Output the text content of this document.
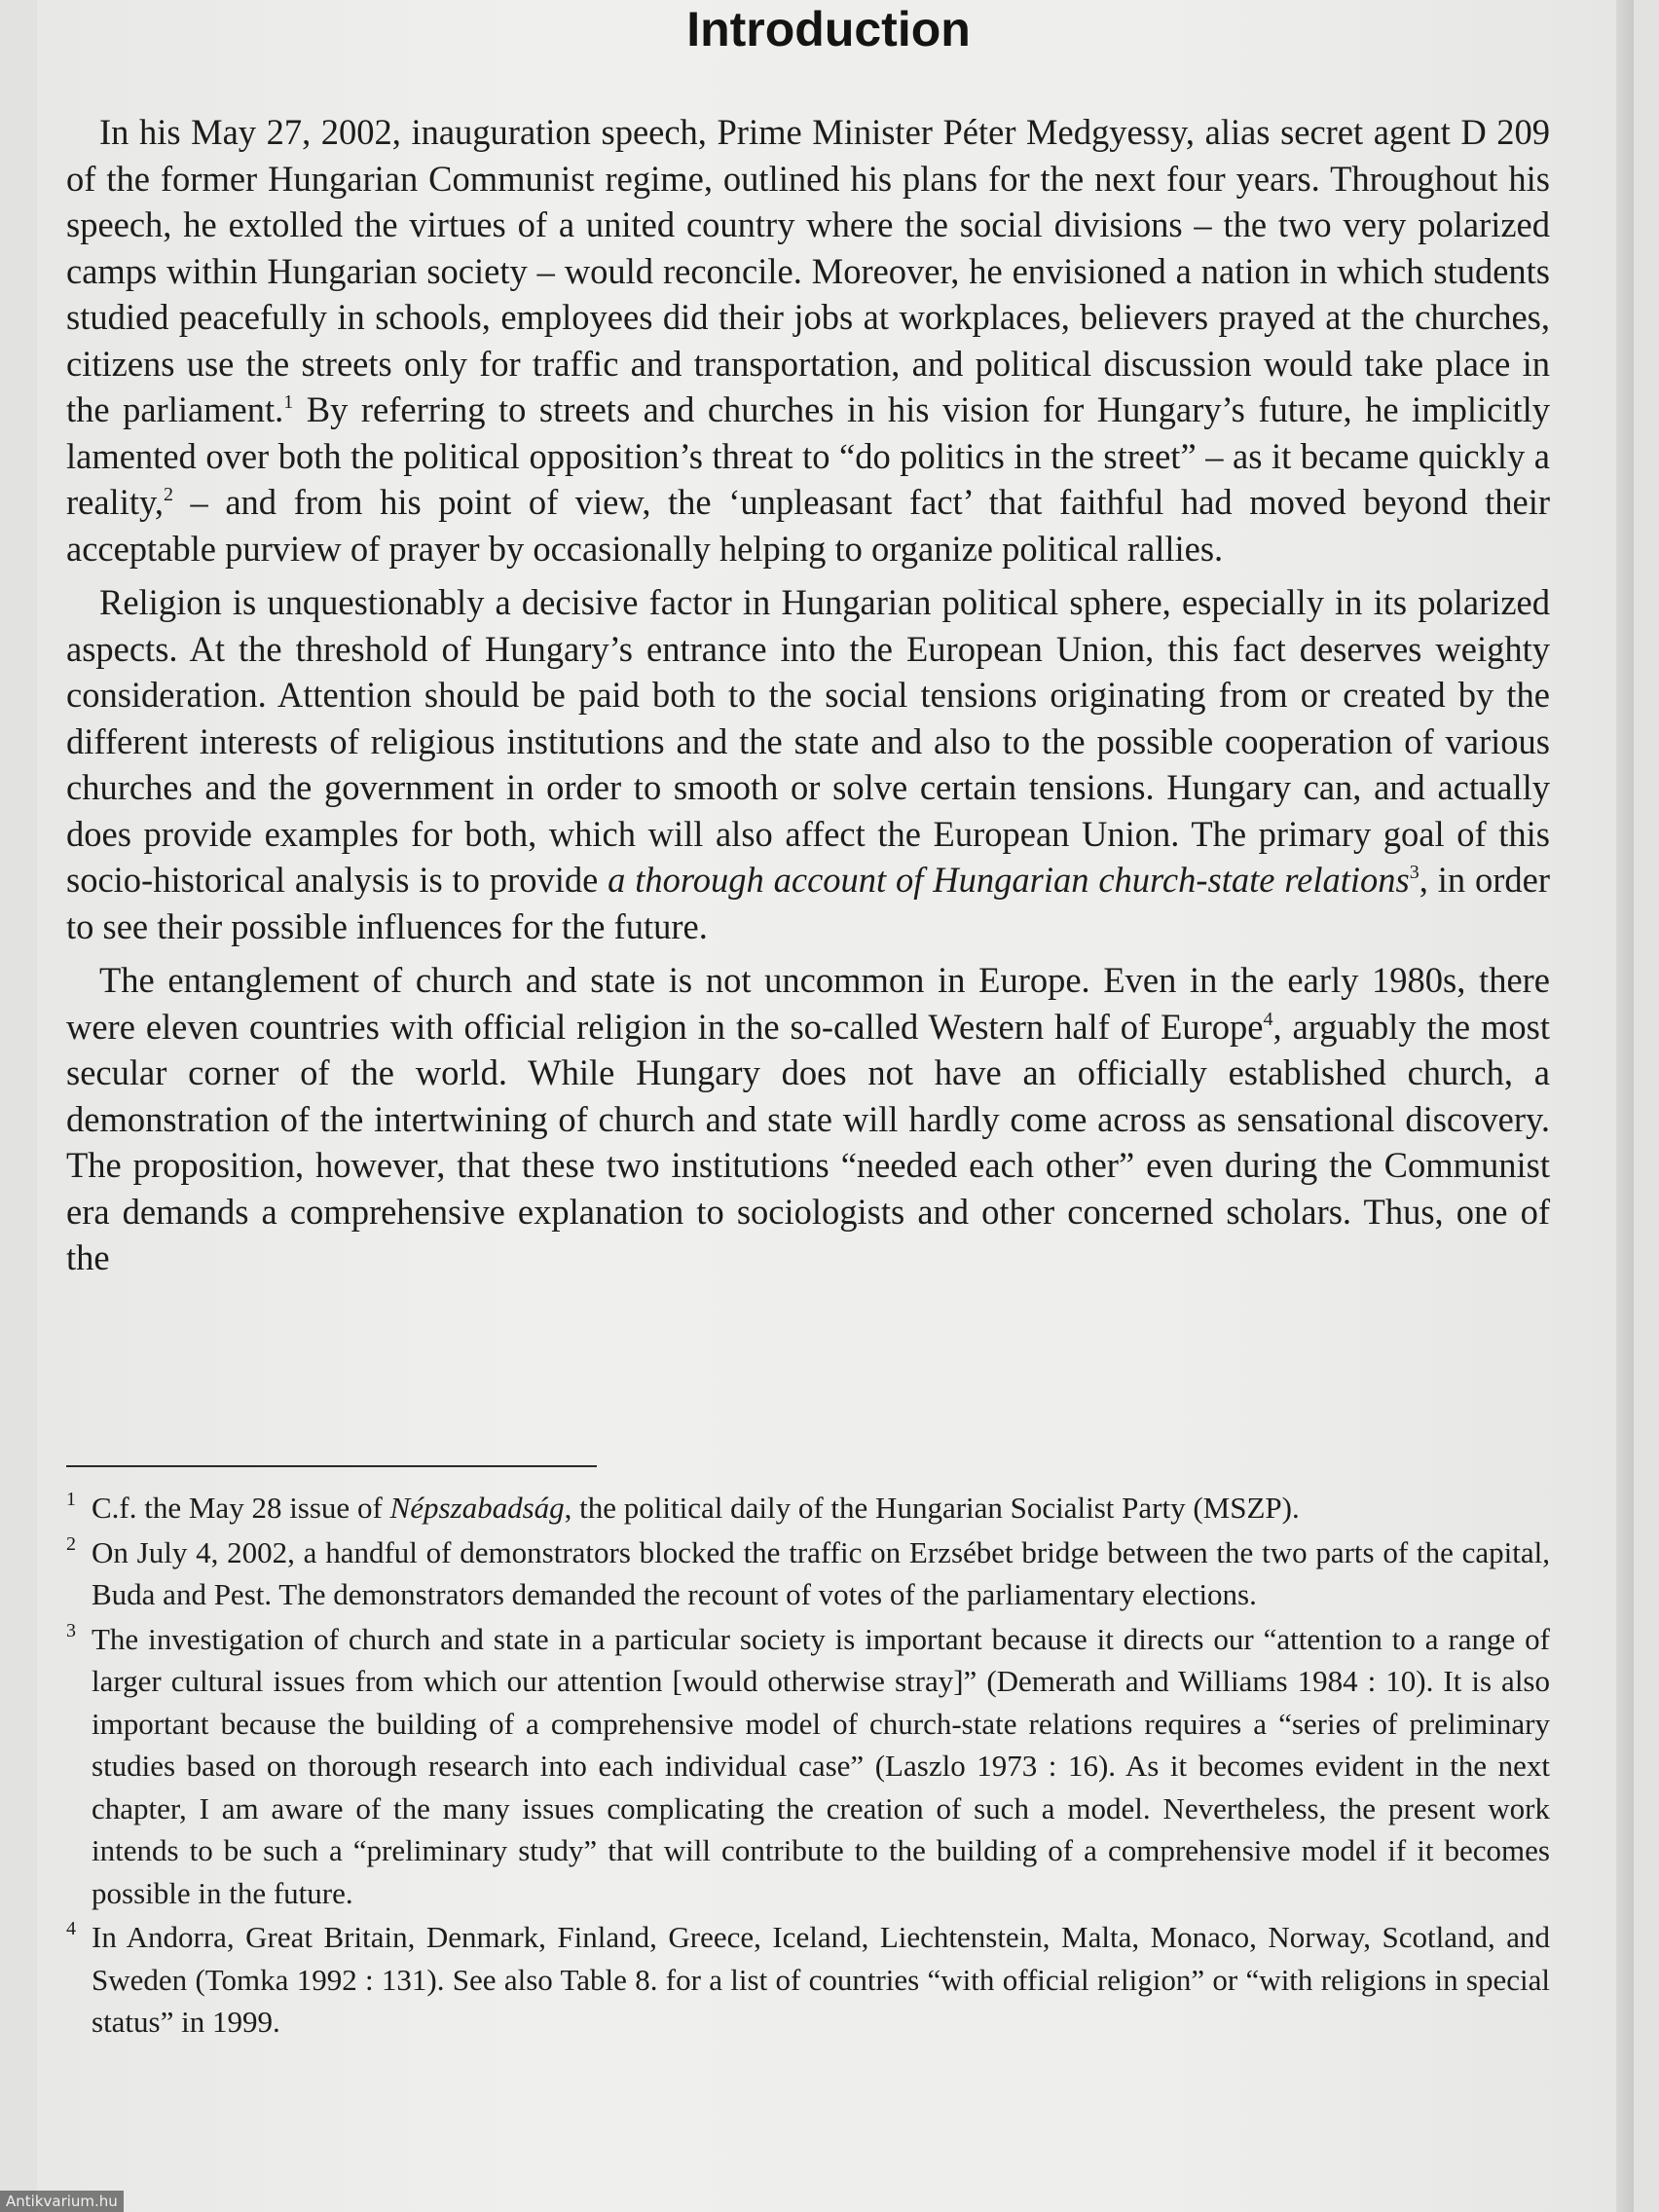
Introduction

In his May 27, 2002, inauguration speech, Prime Minister Péter Medgyessy, alias secret agent D 209 of the former Hungarian Communist regime, outlined his plans for the next four years. Throughout his speech, he extolled the virtues of a united country where the social divisions – the two very polarized camps within Hungarian society – would reconcile. Moreover, he envisioned a nation in which students studied peacefully in schools, employees did their jobs at workplaces, believers prayed at the churches, citizens use the streets only for traffic and transportation, and political discussion would take place in the parliament.$^1$ By referring to streets and churches in his vision for Hungary’s future, he implicitly lamented over both the political opposition’s threat to “do politics in the street” – as it became quickly a reality,$^2$ – and from his point of view, the ‘unpleasant fact’ that faithful had moved beyond their acceptable purview of prayer by occasionally helping to organize political rallies.

Religion is unquestionably a decisive factor in Hungarian political sphere, especially in its polarized aspects. At the threshold of Hungary’s entrance into the European Union, this fact deserves weighty consideration. Attention should be paid both to the social tensions originating from or created by the different interests of religious institutions and the state and also to the possible cooperation of various churches and the government in order to smooth or solve certain tensions. Hungary can, and actually does provide examples for both, which will also affect the European Union. The primary goal of this socio-historical analysis is to provide a thorough account of Hungarian church-state relations$^3$, in order to see their possible influences for the future.

The entanglement of church and state is not uncommon in Europe. Even in the early 1980s, there were eleven countries with official religion in the so-called Western half of Europe$^4$, arguably the most secular corner of the world. While Hungary does not have an officially established church, a demonstration of the intertwining of church and state will hardly come across as sensational discovery. The proposition, however, that these two institutions “needed each other” even during the Communist era demands a comprehensive explanation to sociologists and other concerned scholars. Thus, one of the

1 C.f. the May 28 issue of Népszabadság, the political daily of the Hungarian Socialist Party (MSZP).
2 On July 4, 2002, a handful of demonstrators blocked the traffic on Erzsébet bridge between the two parts of the capital, Buda and Pest. The demonstrators demanded the recount of votes of the parliamentary elections.
3 The investigation of church and state in a particular society is important because it directs our “attention to a range of larger cultural issues from which our attention [would otherwise stray]” (Demerath and Williams 1984 : 10). It is also important because the building of a comprehensive model of church-state relations requires a “series of preliminary studies based on thorough research into each individual case” (Laszlo 1973 : 16). As it becomes evident in the next chapter, I am aware of the many issues complicating the creation of such a model. Nevertheless, the present work intends to be such a “preliminary study” that will contribute to the building of a comprehensive model if it becomes possible in the future.
4 In Andorra, Great Britain, Denmark, Finland, Greece, Iceland, Liechtenstein, Malta, Monaco, Norway, Scotland, and Sweden (Tomka 1992 : 131). See also Table 8. for a list of countries “with official religion” or “with religions in special status” in 1999.
Antikvarium.hu
